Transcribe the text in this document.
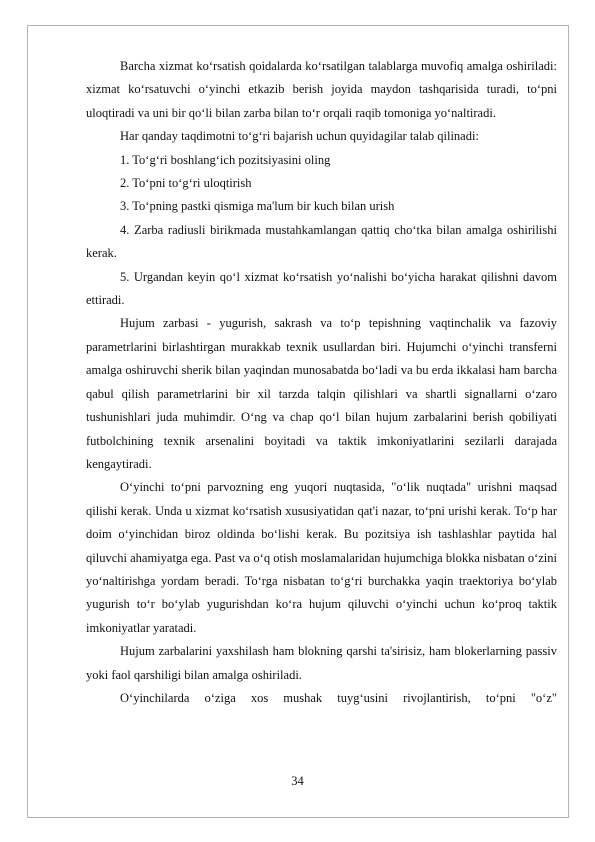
Barcha xizmat ko‘rsatish qoidalarda ko‘rsatilgan talablarga muvofiq amalga oshiriladi: xizmat ko‘rsatuvchi o‘yinchi etkazib berish joyida maydon tashqarisida turadi, to‘pni uloqtiradi va uni bir qo‘li bilan zarba bilan to‘r orqali raqib tomoniga yo‘naltiradi.

Har qanday taqdimotni to‘g‘ri bajarish uchun quyidagilar talab qilinadi:

1. To‘g‘ri boshlang‘ich pozitsiyasini oling

2. To‘pni to‘g‘ri uloqtirish

3. To‘pning pastki qismiga ma'lum bir kuch bilan urish

4. Zarba radiusli birikmada mustahkamlangan qattiq cho‘tka bilan amalga oshirilishi kerak.

5. Urgandan keyin qo‘l xizmat ko‘rsatish yo‘nalishi bo‘yicha harakat qilishni davom ettiradi.

Hujum zarbasi - yugurish, sakrash va to‘p tepishning vaqtinchalik va fazoviy parametrlarini birlashtirgan murakkab texnik usullardan biri. Hujumchi o‘yinchi transferni amalga oshiruvchi sherik bilan yaqindan munosabatda bo‘ladi va bu erda ikkalasi ham barcha qabul qilish parametrlarini bir xil tarzda talqin qilishlari va shartli signallarni o‘zaro tushunishlari juda muhimdir. O‘ng va chap qo‘l bilan hujum zarbalarini berish qobiliyati futbolchining texnik arsenalini boyitadi va taktik imkoniyatlarini sezilarli darajada kengaytiradi.

O‘yinchi to‘pni parvozning eng yuqori nuqtasida, "o‘lik nuqtada" urishni maqsad qilishi kerak. Unda u xizmat ko‘rsatish xususiyatidan qat'i nazar, to‘pni urishi kerak. To‘p har doim o‘yinchidan biroz oldinda bo‘lishi kerak. Bu pozitsiya ish tashlashlar paytida hal qiluvchi ahamiyatga ega. Past va o‘q otish moslamalaridan hujumchiga blokka nisbatan o‘zini yo‘naltirishga yordam beradi. To‘rga nisbatan to‘g‘ri burchakka yaqin traektoriya bo‘ylab yugurish to‘r bo‘ylab yugurishdan ko‘ra hujum qiluvchi o‘yinchi uchun ko‘proq taktik imkoniyatlar yaratadi.

Hujum zarbalarini yaxshilash ham blokning qarshi ta'sirisiz, ham blokerlarning passiv yoki faol qarshiligi bilan amalga oshiriladi.

O‘yinchilarda o‘ziga xos mushak tuyg‘usini rivojlantirish, to‘pni "o‘z"

34
